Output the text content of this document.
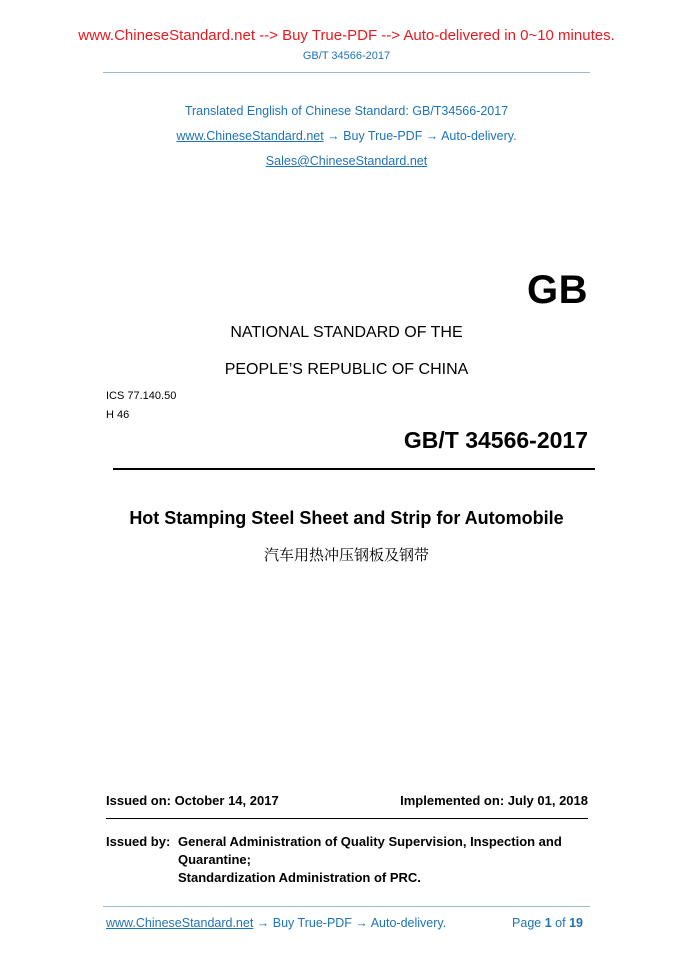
www.ChineseStandard.net --> Buy True-PDF --> Auto-delivered in 0~10 minutes.
GB/T 34566-2017
Translated English of Chinese Standard: GB/T34566-2017
www.ChineseStandard.net → Buy True-PDF → Auto-delivery.
Sales@ChineseStandard.net
GB
NATIONAL STANDARD OF THE
PEOPLE’S REPUBLIC OF CHINA
ICS 77.140.50
H 46
GB/T 34566-2017
Hot Stamping Steel Sheet and Strip for Automobile
汽车用热冲压钢板及钢带
Issued on: October 14, 2017	Implemented on: July 01, 2018
Issued by: General Administration of Quality Supervision, Inspection and
Quarantine;
Standardization Administration of PRC.
www.ChineseStandard.net → Buy True-PDF → Auto-delivery.	Page 1 of 19
